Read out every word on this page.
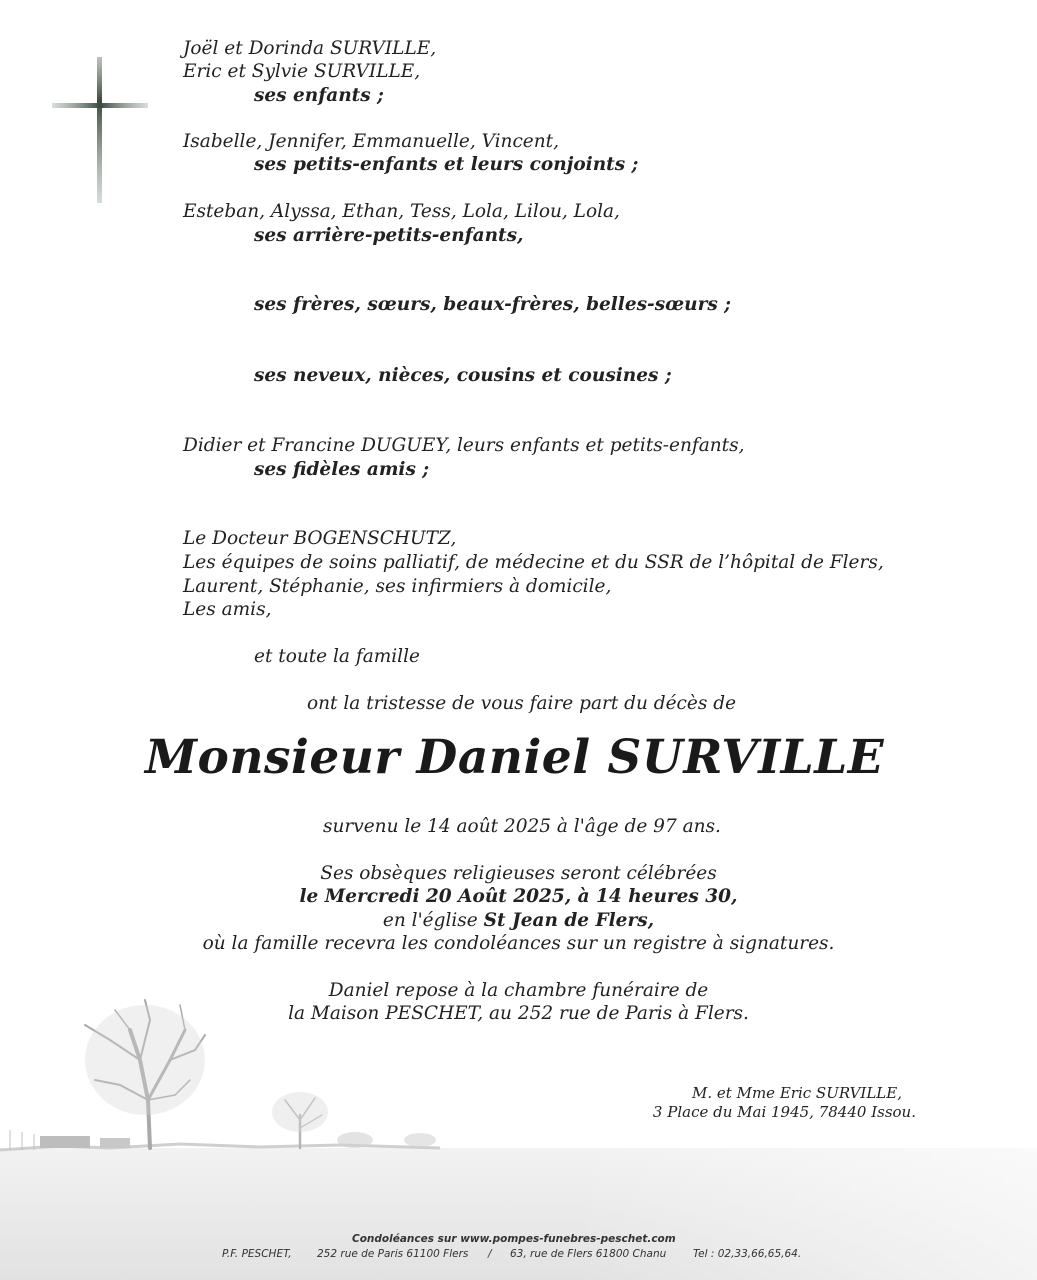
Joël et Dorinda SURVILLE,
Eric et Sylvie SURVILLE,
ses enfants ;
Isabelle, Jennifer, Emmanuelle, Vincent,
ses petits-enfants et leurs conjoints ;
Esteban, Alyssa, Ethan, Tess, Lola, Lilou, Lola,
ses arrière-petits-enfants,
ses frères, sœurs, beaux-frères, belles-sœurs ;
ses neveux, nièces, cousins et cousines ;
Didier et Francine DUGUEY, leurs enfants et petits-enfants,
ses fidèles amis ;
Le Docteur BOGENSCHUTZ,
Les équipes de soins palliatif, de médecine et du SSR de l’hôpital de Flers,
Laurent, Stéphanie, ses infirmiers à domicile,
Les amis,
et toute la famille
ont la tristesse de vous faire part du décès de
Monsieur Daniel SURVILLE
survenu le 14 août 2025 à l'âge de 97 ans.
Ses obsèques religieuses seront célébrées
le Mercredi 20 Août 2025, à 14 heures 30,
en l'église St Jean de Flers,
où la famille recevra les condoléances sur un registre à signatures.
Daniel repose à la chambre funéraire de
la Maison PESCHET, au 252 rue de Paris à Flers.
M. et Mme Eric SURVILLE,
3 Place du Mai 1945, 78440 Issou.
Condoléances sur www.pompes-funebres-peschet.com
P.F. PESCHET, 252 rue de Paris 61100 Flers / 63, rue de Flers 61800 Chanu	Tel : 02,33,66,65,64.
